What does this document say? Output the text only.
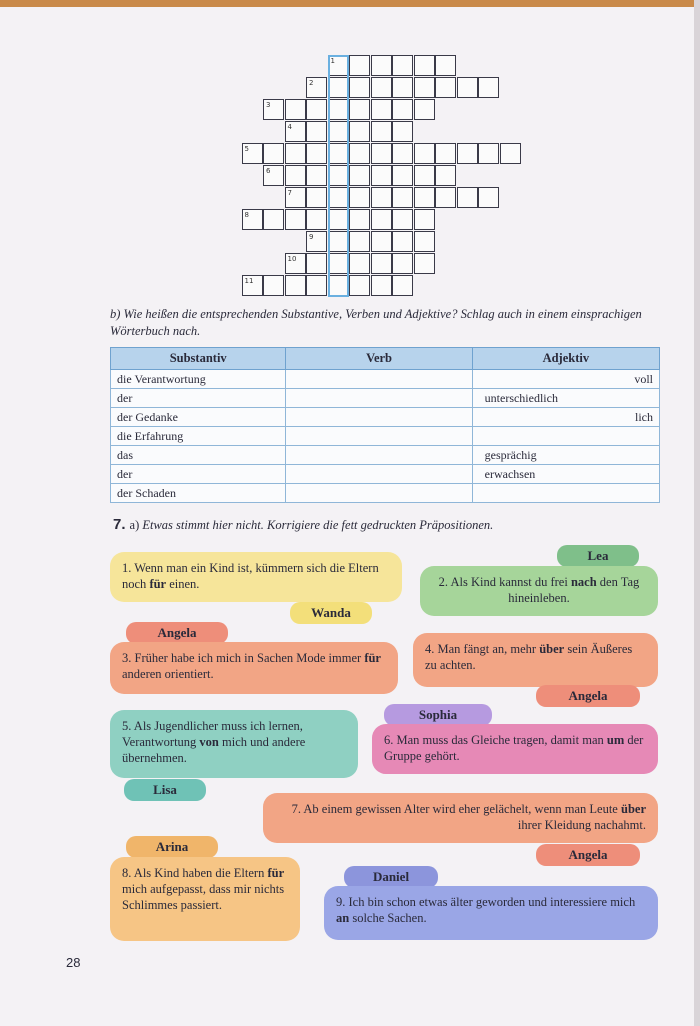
1
2
3
4
5
6
7
8
9
10
11
b) Wie heißen die entsprechenden Substantive, Verben und Adjektive? Schlag auch in einem einsprachigen Wörterbuch nach.
Substantiv	Verb	Adjektiv
die Verantwortung		voll
der		unterschiedlich
der Gedanke		lich
die Erfahrung		
das		gesprächig
der		erwachsen
der Schaden		
7. a) Etwas stimmt hier nicht. Korrigiere die fett gedruckten Präpositionen.
1. Wenn man ein Kind ist, kümmern sich die Eltern noch für einen.
Wanda
Lea
2. Als Kind kannst du frei nach den Tag hineinleben.
Angela
3. Früher habe ich mich in Sachen Mode immer für anderen orientiert.
4. Man fängt an, mehr über sein Äußeres zu achten.
Angela
5. Als Jugendlicher muss ich lernen, Verantwortung von mich und andere übernehmen.
Lisa
Sophia
6. Man muss das Gleiche tragen, damit man um der Gruppe gehört.
7. Ab einem gewissen Alter wird eher gelächelt, wenn man Leute über ihrer Kleidung nachahmt.
Angela
Arina
8. Als Kind haben die Eltern für mich aufgepasst, dass mir nichts Schlimmes passiert.
Daniel
9. Ich bin schon etwas älter geworden und interessiere mich an solche Sachen.
28
